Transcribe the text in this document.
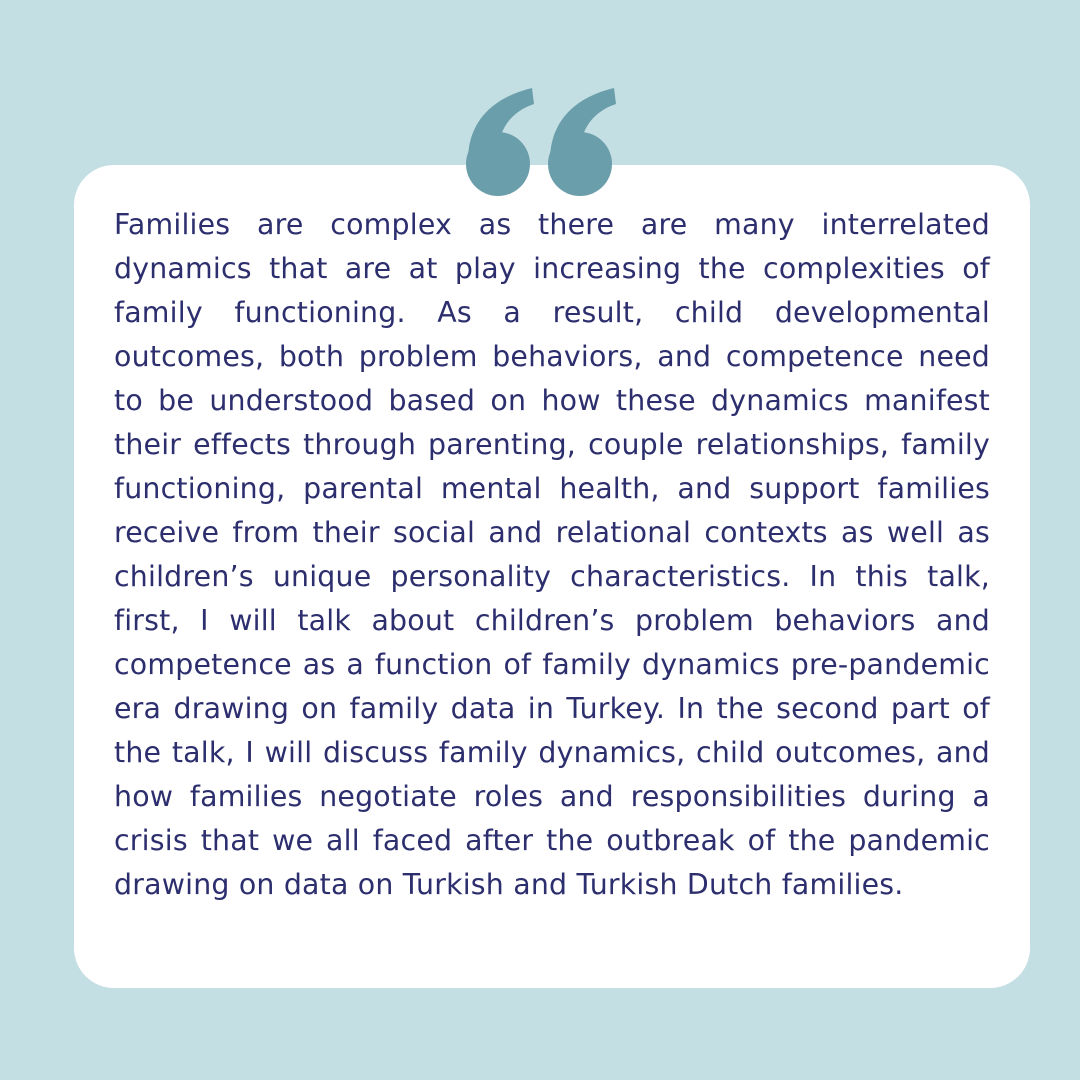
Families are complex as there are many interrelated dynamics that are at play increasing the complexities of family functioning. As a result, child developmental outcomes, both problem behaviors, and competence need to be understood based on how these dynamics manifest their effects through parenting, couple relationships, family functioning, parental mental health, and support families receive from their social and relational contexts as well as children’s unique personality characteristics. In this talk, first, I will talk about children’s problem behaviors and competence as a function of family dynamics pre-pandemic era drawing on family data in Turkey. In the second part of the talk, I will discuss family dynamics, child outcomes, and how families negotiate roles and responsibilities during a crisis that we all faced after the outbreak of the pandemic drawing on data on Turkish and Turkish Dutch families.
